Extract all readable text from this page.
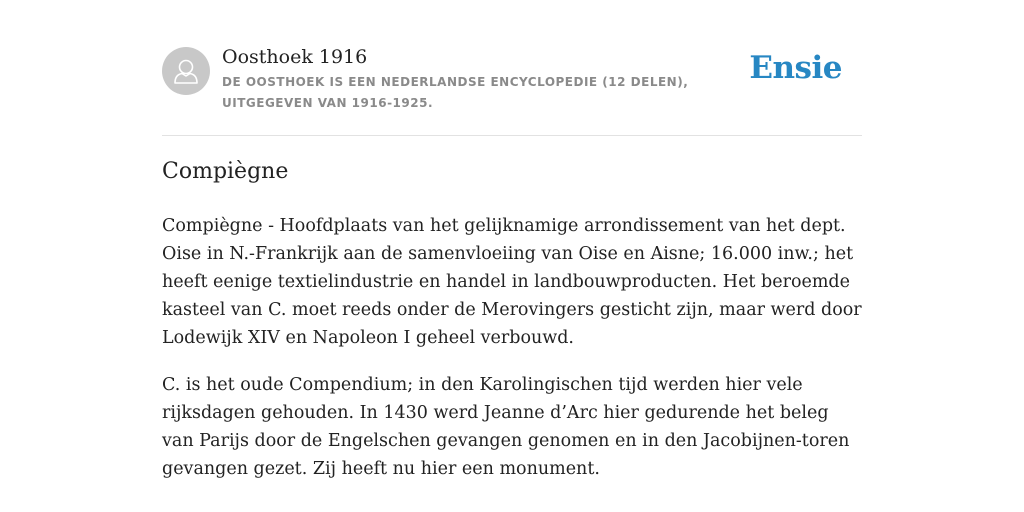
Oosthoek 1916
DE OOSTHOEK IS EEN NEDERLANDSE ENCYCLOPEDIE (12 DELEN), UITGEGEVEN VAN 1916-1925.
Ensie
Compiègne

Compiègne - Hoofdplaats van het gelijknamige arrondissement van het dept. Oise in N.-Frankrijk aan de samenvloeiing van Oise en Aisne; 16.000 inw.; het heeft eenige textielindustrie en handel in landbouwproducten. Het beroemde kasteel van C. moet reeds onder de Merovingers gesticht zijn, maar werd door Lodewijk XIV en Napoleon I geheel verbouwd.

C. is het oude Compendium; in den Karolingischen tijd werden hier vele rijksdagen gehouden. In 1430 werd Jeanne d’Arc hier gedurende het beleg van Parijs door de Engelschen gevangen genomen en in den Jacobijnen-toren gevangen gezet. Zij heeft nu hier een monument.
